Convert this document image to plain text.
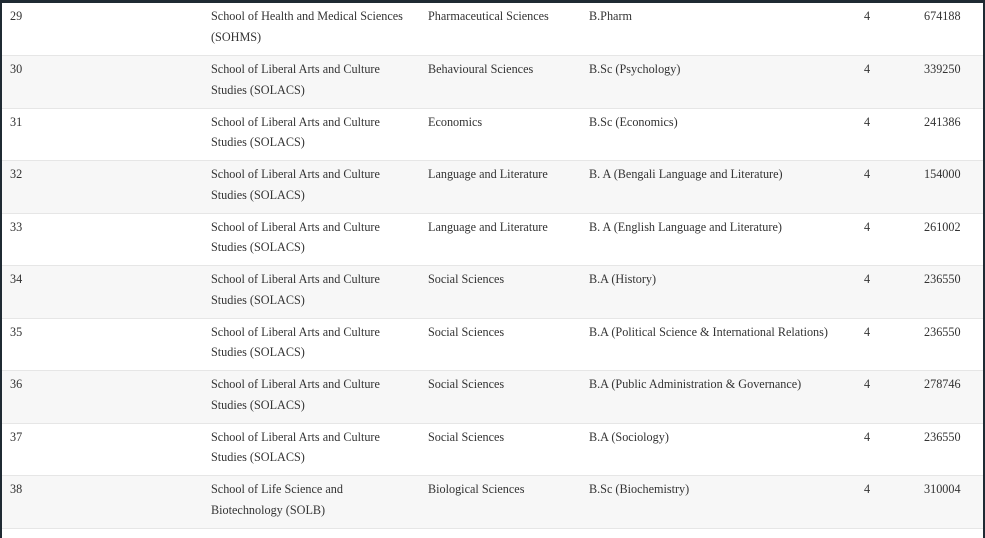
29	School of Health and Medical Sciences (SOHMS)	Pharmaceutical Sciences	B.Pharm	4	674188
30	School of Liberal Arts and Culture Studies (SOLACS)	Behavioural Sciences	B.Sc (Psychology)	4	339250
31	School of Liberal Arts and Culture Studies (SOLACS)	Economics	B.Sc (Economics)	4	241386
32	School of Liberal Arts and Culture Studies (SOLACS)	Language and Literature	B. A (Bengali Language and Literature)	4	154000
33	School of Liberal Arts and Culture Studies (SOLACS)	Language and Literature	B. A (English Language and Literature)	4	261002
34	School of Liberal Arts and Culture Studies (SOLACS)	Social Sciences	B.A (History)	4	236550
35	School of Liberal Arts and Culture Studies (SOLACS)	Social Sciences	B.A (Political Science & International Relations)	4	236550
36	School of Liberal Arts and Culture Studies (SOLACS)	Social Sciences	B.A (Public Administration & Governance)	4	278746
37	School of Liberal Arts and Culture Studies (SOLACS)	Social Sciences	B.A (Sociology)	4	236550
38	School of Life Science and Biotechnology (SOLB)	Biological Sciences	B.Sc (Biochemistry)	4	310004
